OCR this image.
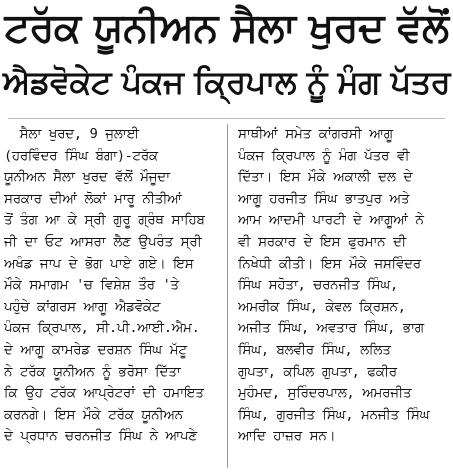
ਟਰੱਕ ਯੂਨੀਅਨ ਸੈਲਾ ਖੁਰਦ ਵੱਲੋਂ
ਐਡਵੋਕੇਟ ਪੰਕਜ ਕ੍ਰਿਪਾਲ ਨੂੰ ਮੰਗ ਪੱਤਰ
ਸੈਲਾ ਖੁਰਦ, 9 ਜੁਲਾਈ
(ਹਰਵਿੰਦਰ ਸਿੰਘ ਬੰਗਾ)-ਟਰੱਕ
ਯੂਨੀਅਨ ਸੈਲਾ ਖੁਰਦ ਵੱਲੋਂ ਮੌਜੂਦਾ
ਸਰਕਾਰ ਦੀਆਂ ਲੋਕਾਂ ਮਾਰੂ ਨੀਤੀਆਂ
ਤੋਂ ਤੰਗ ਆ ਕੇ ਸ੍ਰੀ ਗੁਰੂ ਗ੍ਰੰਥ ਸਾਹਿਬ
ਜੀ ਦਾ ਓਟ ਆਸਰਾ ਲੈਣ ਉਪਰੰਤ ਸ੍ਰੀ
ਅਖੰਡ ਜਾਪ ਦੇ ਭੋਗ ਪਾਏ ਗਏ। ਇਸ
ਮੌਕੇ ਸਮਾਗਮ 'ਚ ਵਿਸ਼ੇਸ਼ ਤੌਰ 'ਤੇ
ਪਹੁੰਚੇ ਕਾਂਗਰਸ ਆਗੂ ਐਡਵੋਕੇਟ
ਪੰਕਜ ਕ੍ਰਿਪਾਲ, ਸੀ.ਪੀ.ਆਈ.ਐਮ.
ਦੇ ਆਗੂ ਕਾਮਰੇਡ ਦਰਸ਼ਨ ਸਿੰਘ ਮੱਟੂ
ਨੇ ਟਰੱਕ ਯੂਨੀਅਨ ਨੂੰ ਭਰੋਸਾ ਦਿੱਤਾ
ਕਿ ਉਹ ਟਰੱਕ ਆਪ੍ਰੇਟਰਾਂ ਦੀ ਹਮਾਇਤ
ਕਰਨਗੇ। ਇਸ ਮੌਕੇ ਟਰੱਕ ਯੂਨੀਅਨ
ਦੇ ਪ੍ਰਧਾਨ ਚਰਨਜੀਤ ਸਿੰਘ ਨੇ ਆਪਣੇ
ਸਾਥੀਆਂ ਸਮੇਤ ਕਾਂਗਰਸੀ ਆਗੂ
ਪੰਕਜ ਕ੍ਰਿਪਾਲ ਨੂੰ ਮੰਗ ਪੱਤਰ ਵੀ
ਦਿੱਤਾ। ਇਸ ਮੌਕੇ ਅਕਾਲੀ ਦਲ ਦੇ
ਆਗੂ ਹਰਜੀਤ ਸਿੰਘ ਭਾਤਪੁਰ ਅਤੇ
ਆਮ ਆਦਮੀ ਪਾਰਟੀ ਦੇ ਆਗੂਆਂ ਨੇ
ਵੀ ਸਰਕਾਰ ਦੇ ਇਸ ਫੁਰਮਾਨ ਦੀ
ਨਿਖੇਧੀ ਕੀਤੀ। ਇਸ ਮੌਕੇ ਜਸਵਿੰਦਰ
ਸਿੰਘ ਸਹੋਤਾ, ਚਰਨਜੀਤ ਸਿੰਘ,
ਅਮਰੀਕ ਸਿੰਘ, ਕੇਵਲ ਕ੍ਰਿਸ਼ਨ,
ਅਜੀਤ ਸਿੰਘ, ਅਵਤਾਰ ਸਿੰਘ, ਭਾਗ
ਸਿੰਘ, ਬਲਵੀਰ ਸਿੰਘ, ਲਲਿਤ
ਗੁਪਤਾ, ਕਪਿਲ ਗੁਪਤਾ, ਫਕੀਰ
ਮੁਹੰਮਦ, ਸੁਰਿੰਦਰਪਾਲ, ਅਮਰਜੀਤ
ਸਿੰਘ, ਗੁਰਜੀਤ ਸਿੰਘ, ਮਨਜੀਤ ਸਿੰਘ
ਆਦਿ ਹਾਜ਼ਰ ਸਨ।
